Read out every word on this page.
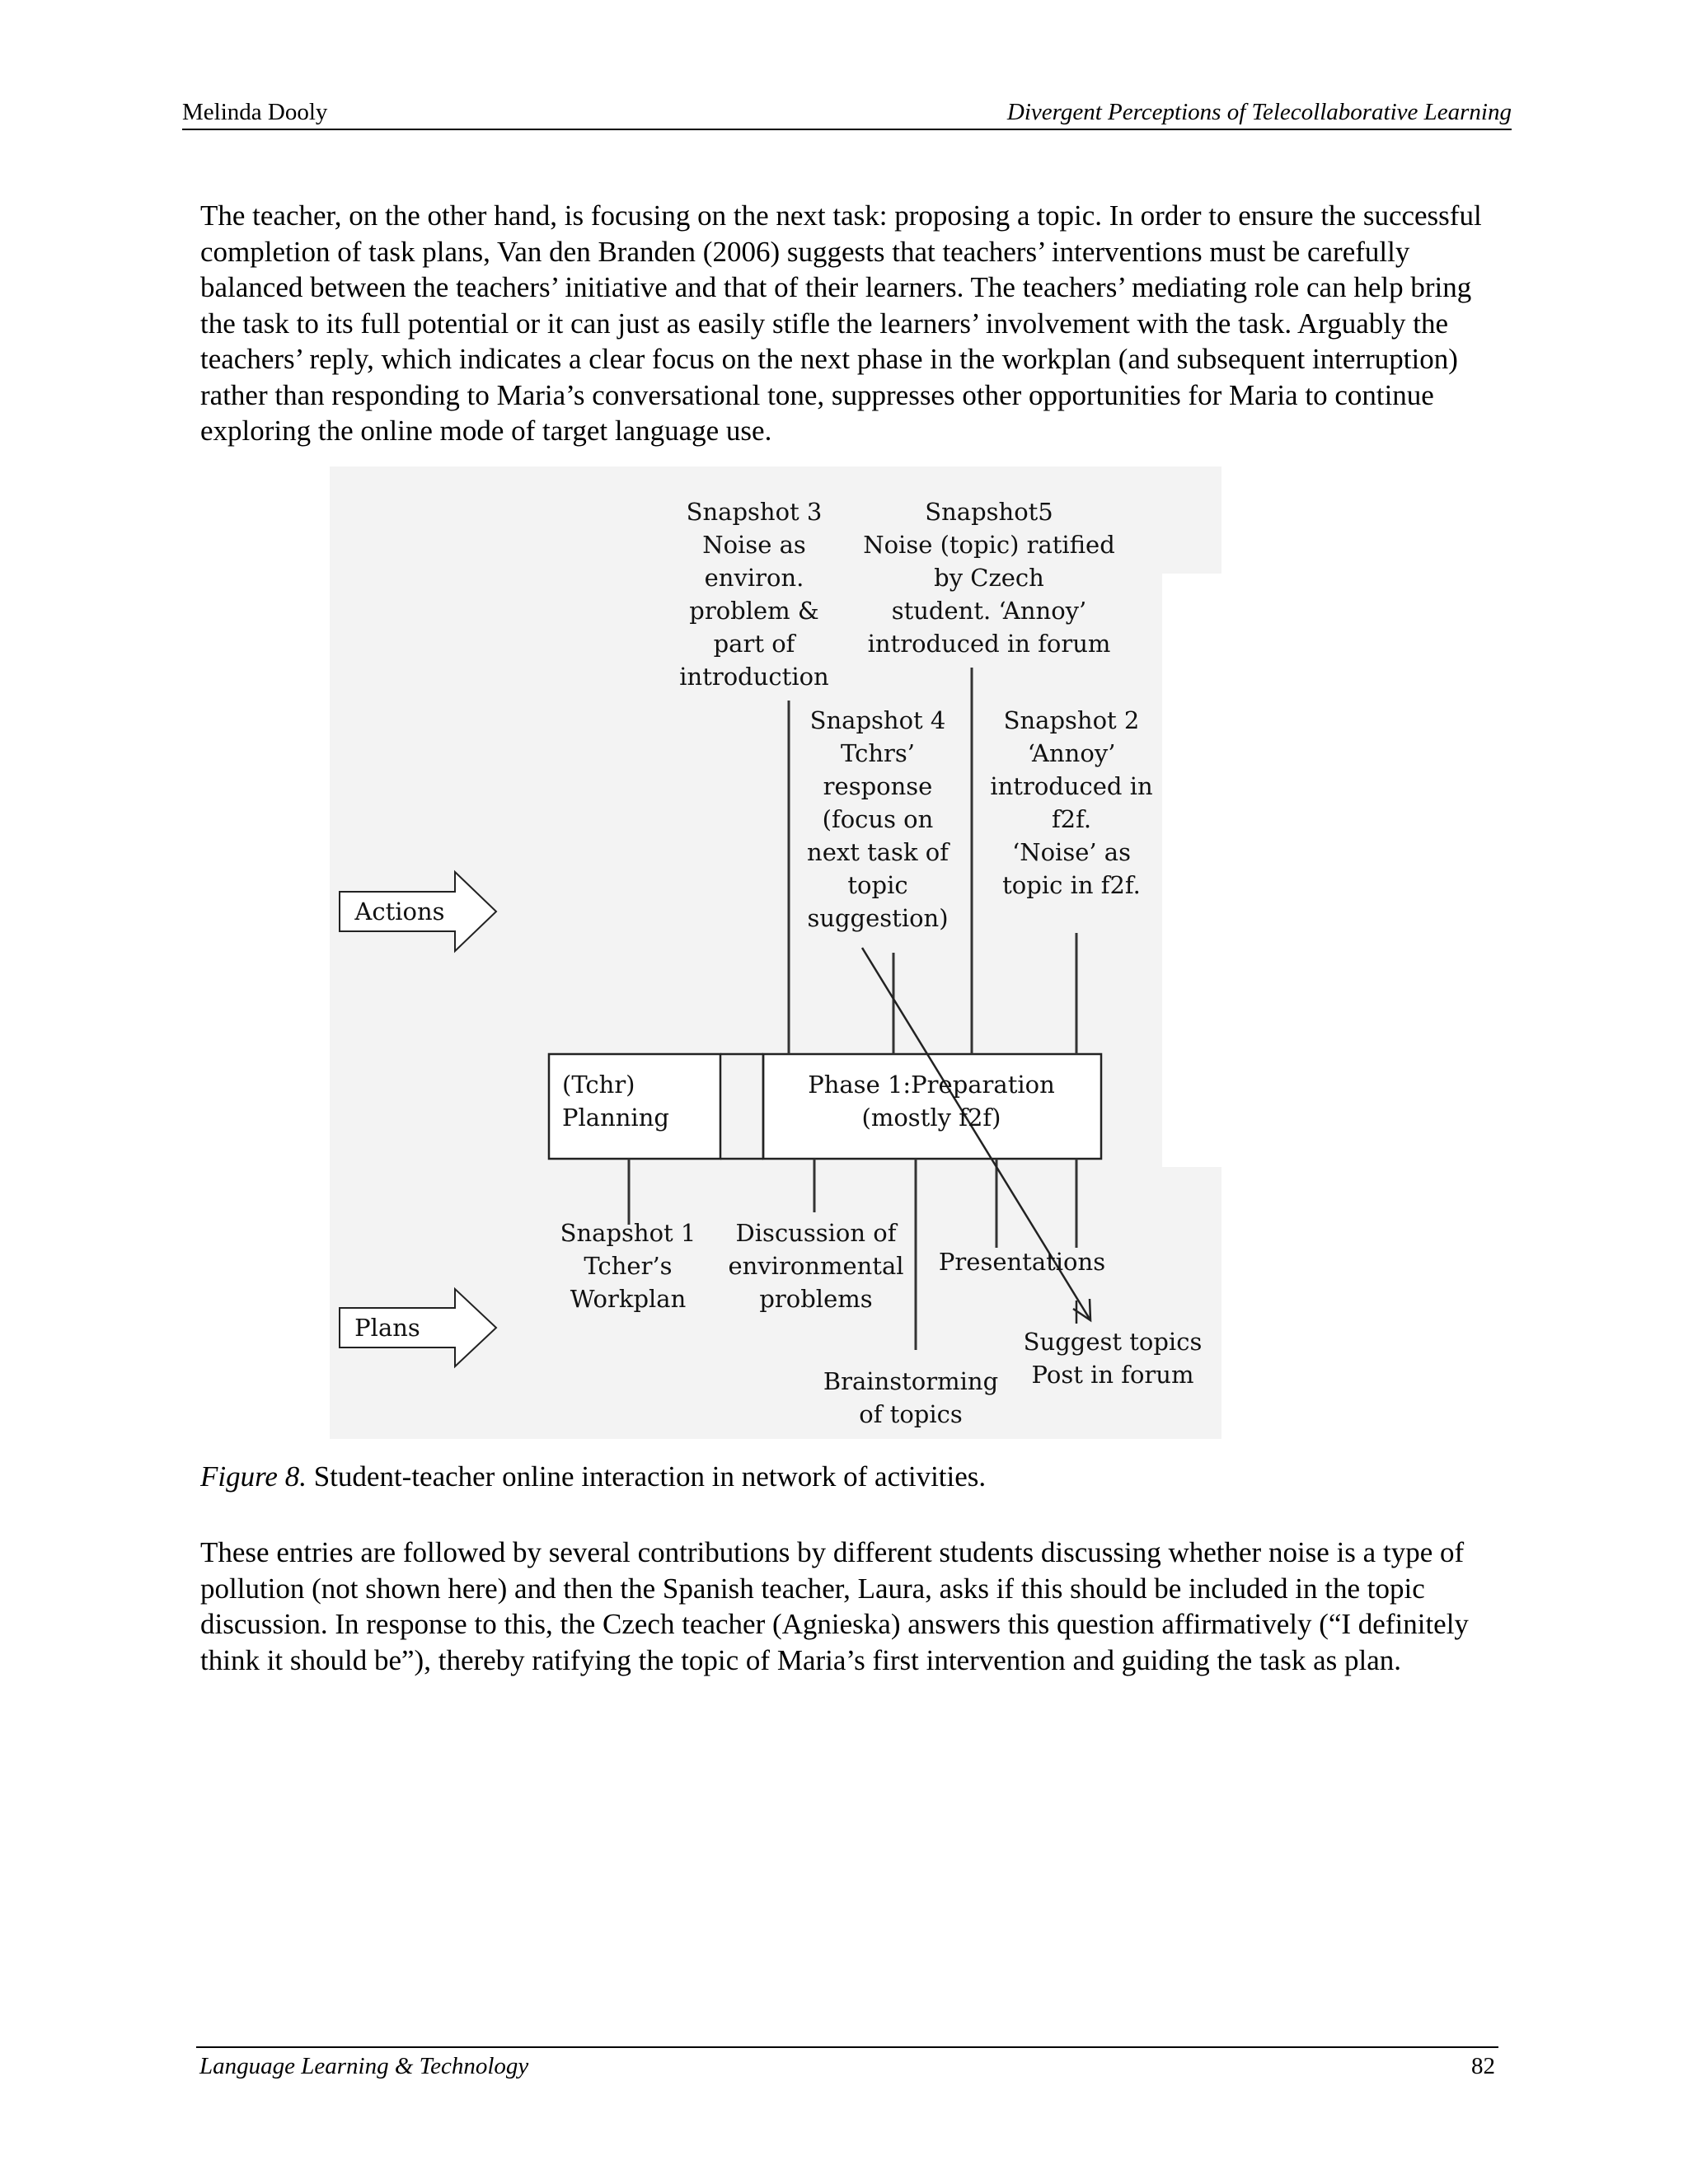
Melinda Dooly	Divergent Perceptions of Telecollaborative Learning
The teacher, on the other hand, is focusing on the next task: proposing a topic. In order to ensure the successful completion of task plans, Van den Branden (2006) suggests that teachers’ interventions must be carefully balanced between the teachers’ initiative and that of their learners. The teachers’ mediating role can help bring the task to its full potential or it can just as easily stifle the learners’ involvement with the task. Arguably the teachers’ reply, which indicates a clear focus on the next phase in the workplan (and subsequent interruption) rather than responding to Maria’s conversational tone, suppresses other opportunities for Maria to continue exploring the online mode of target language use.
Actions
Plans
Snapshot 3
Noise as
environ.
problem &
part of
introduction
Snapshot5
Noise (topic) ratified
by Czech
student. ‘Annoy’
introduced in forum
Snapshot 4
Tchrs’
response
(focus on
next task of
topic
suggestion)
Snapshot 2
‘Annoy’
introduced in
f2f.
‘Noise’ as
topic in f2f.
(Tchr)
Planning
Phase 1:Preparation
(mostly f2f)
Snapshot 1
Tcher’s
Workplan
Discussion of
environmental
problems
Presentations
Brainstorming
of topics
Suggest topics
Post in forum
Figure 8. Student-teacher online interaction in network of activities.
These entries are followed by several contributions by different students discussing whether noise is a type of pollution (not shown here) and then the Spanish teacher, Laura, asks if this should be included in the topic discussion. In response to this, the Czech teacher (Agnieska) answers this question affirmatively (“I definitely think it should be”), thereby ratifying the topic of Maria’s first intervention and guiding the task as plan.
Language Learning & Technology	82
